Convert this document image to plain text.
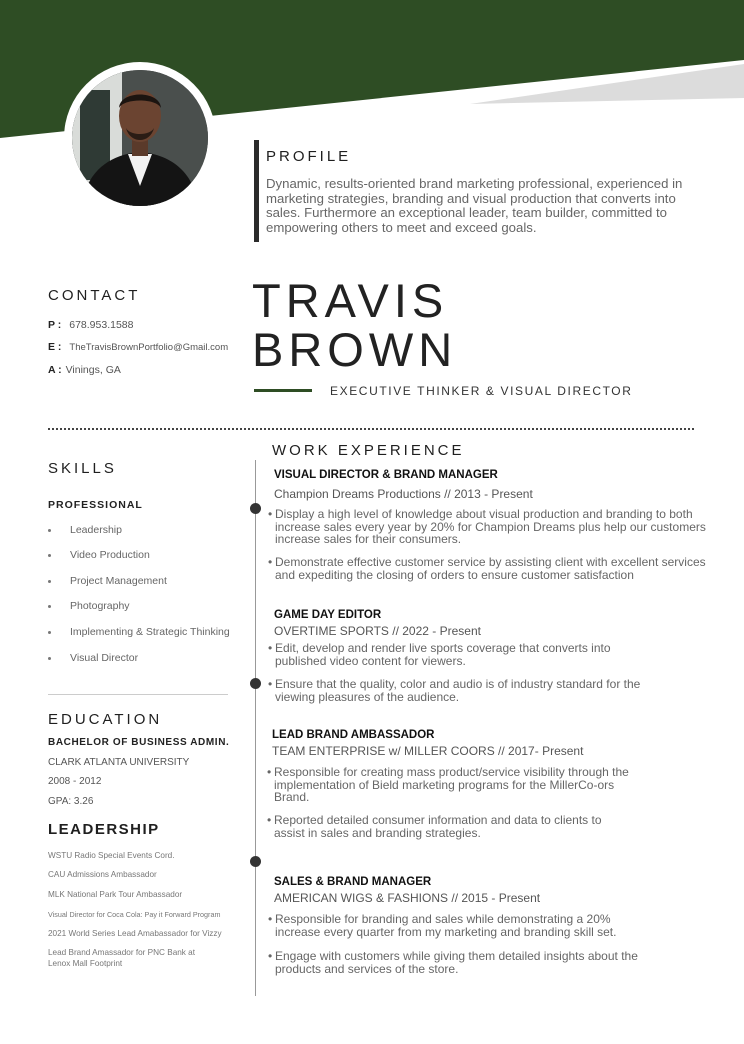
PROFILE
Dynamic, results-oriented brand marketing professional, experienced in marketing strategies, branding and visual production that converts into sales. Furthermore an exceptional leader, team builder, committed to empowering others to meet and exceed goals.
CONTACT
P : 678.953.1588
E : TheTravisBrownPortfolio@Gmail.com
A : Vinings, GA
TRAVIS
BROWN
EXECUTIVE THINKER & VISUAL DIRECTOR
SKILLS
PROFESSIONAL
Leadership
Video Production
Project Management
Photography
Implementing & Strategic Thinking
Visual Director
EDUCATION
BACHELOR OF BUSINESS ADMIN.
CLARK ATLANTA UNIVERSITY
2008 - 2012
GPA: 3.26
LEADERSHIP
WSTU Radio Special Events Cord.
CAU Admissions Ambassador
MLK National Park Tour Ambassador
Visual Director for Coca Cola: Pay it Forward Program
2021 World Series Lead Amabassador for Vizzy
Lead Brand Amassador for PNC Bank at Lenox Mall Footprint
WORK EXPERIENCE
VISUAL DIRECTOR & BRAND MANAGER
Champion Dreams Productions // 2013 - Present
• Display a high level of knowledge about visual production and branding to both increase sales every year by 20% for Champion Dreams plus help our customers increase sales for their consumers.
• Demonstrate effective customer service by assisting client with excellent services and expediting the closing of orders to ensure customer satisfaction
GAME DAY EDITOR
OVERTIME SPORTS // 2022 - Present
• Edit, develop and render live sports coverage that converts into published video content for viewers.
• Ensure that the quality, color and audio is of industry standard for the viewing pleasures of the audience.
LEAD BRAND AMBASSADOR
TEAM ENTERPRISE w/ MILLER COORS // 2017- Present
• Responsible for creating mass product/service visibility through the implementation of Bield marketing programs for the MillerCo-ors Brand.
• Reported detailed consumer information and data to clients to assist in sales and branding strategies.
SALES & BRAND MANAGER
AMERICAN WIGS & FASHIONS // 2015 - Present
• Responsible for branding and sales while demonstrating a 20% increase every quarter from my marketing and branding skill set.
• Engage with customers while giving them detailed insights about the products and services of the store.
